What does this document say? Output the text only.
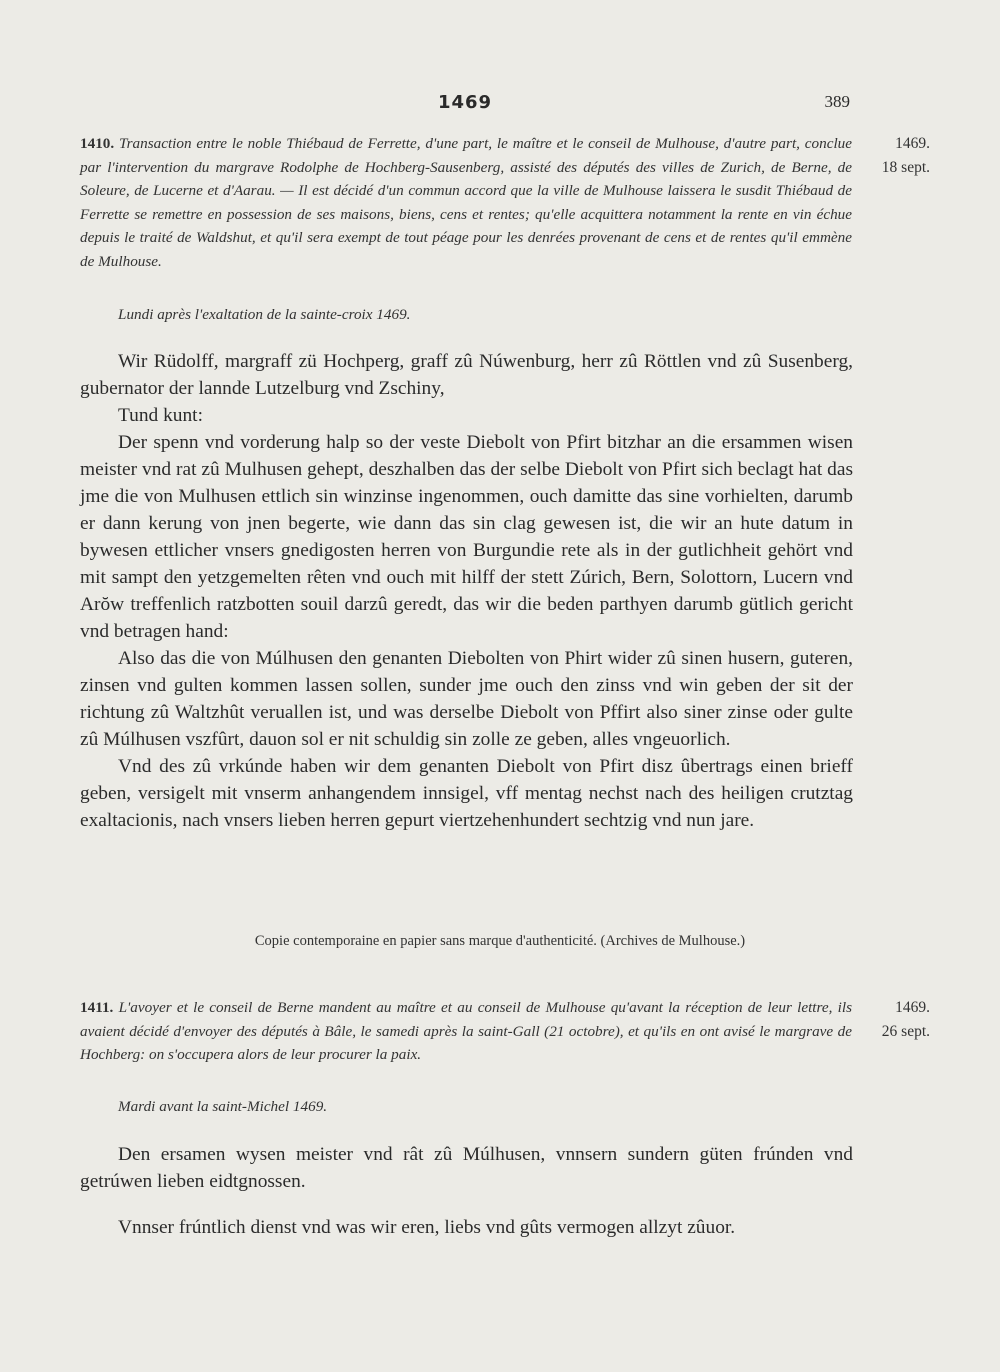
1469	389
1410. Transaction entre le noble Thiébaud de Ferrette, d'une part, le maître et le conseil de Mulhouse, d'autre part, conclue par l'intervention du margrave Rodolphe de Hochberg-Sausenberg, assisté des députés des villes de Zurich, de Berne, de Soleure, de Lucerne et d'Aarau. — Il est décidé d'un commun accord que la ville de Mulhouse laissera le susdit Thiébaud de Ferrette se remettre en possession de ses maisons, biens, cens et rentes; qu'elle acquittera notamment la rente en vin échue depuis le traité de Waldshut, et qu'il sera exempt de tout péage pour les denrées provenant de cens et de rentes qu'il emmène de Mulhouse.
1469.
18 sept.
Lundi après l'exaltation de la sainte-croix 1469.

Wir Rüdolff, margraff zü Hochperg, graff zû Núwenburg, herr zû Röttlen vnd zû Susenberg, gubernator der lannde Lutzelburg vnd Zschiny,

Tund kunt:

Der spenn vnd vorderung halp so der veste Diebolt von Pfirt bitzhar an die ersammen wisen meister vnd rat zû Mulhusen gehept, deszhalben das der selbe Diebolt von Pfirt sich beclagt hat das jme die von Mulhusen ettlich sin winzinse ingenommen, ouch damitte das sine vorhielten, darumb er dann kerung von jnen begerte, wie dann das sin clag gewesen ist, die wir an hute datum in bywesen ettlicher vnsers gnedigosten herren von Burgundie rete als in der gutlichheit gehört vnd mit sampt den yetzgemelten rêten vnd ouch mit hilff der stett Zúrich, Bern, Solottorn, Lucern vnd Arŏw treffenlich ratzbotten souil darzû geredt, das wir die beden parthyen darumb gütlich gericht vnd betragen hand:

Also das die von Múlhusen den genanten Diebolten von Phirt wider zû sinen husern, guteren, zinsen vnd gulten kommen lassen sollen, sunder jme ouch den zinss vnd win geben der sit der richtung zû Waltzhût veruallen ist, und was derselbe Diebolt von Pffirt also siner zinse oder gulte zû Múlhusen vszfûrt, dauon sol er nit schuldig sin zolle ze geben, alles vngeuorlich.

Vnd des zû vrkúnde haben wir dem genanten Diebolt von Pfirt disz ûbertrags einen brieff geben, versigelt mit vnserm anhangendem innsigel, vff mentag nechst nach des heiligen crutztag exaltacionis, nach vnsers lieben herren gepurt viertzehenhundert sechtzig vnd nun jare.

Copie contemporaine en papier sans marque d'authenticité. (Archives de Mulhouse.)
1411. L'avoyer et le conseil de Berne mandent au maître et au conseil de Mulhouse qu'avant la réception de leur lettre, ils avaient décidé d'envoyer des députés à Bâle, le samedi après la saint-Gall (21 octobre), et qu'ils en ont avisé le margrave de Hochberg: on s'occupera alors de leur procurer la paix.
1469.
26 sept.
Mardi avant la saint-Michel 1469.

Den ersamen wysen meister vnd rât zû Múlhusen, vnnsern sundern güten frúnden vnd getrúwen lieben eidtgnossen.

Vnnser frúntlich dienst vnd was wir eren, liebs vnd gûts vermogen allzyt zûuor.
